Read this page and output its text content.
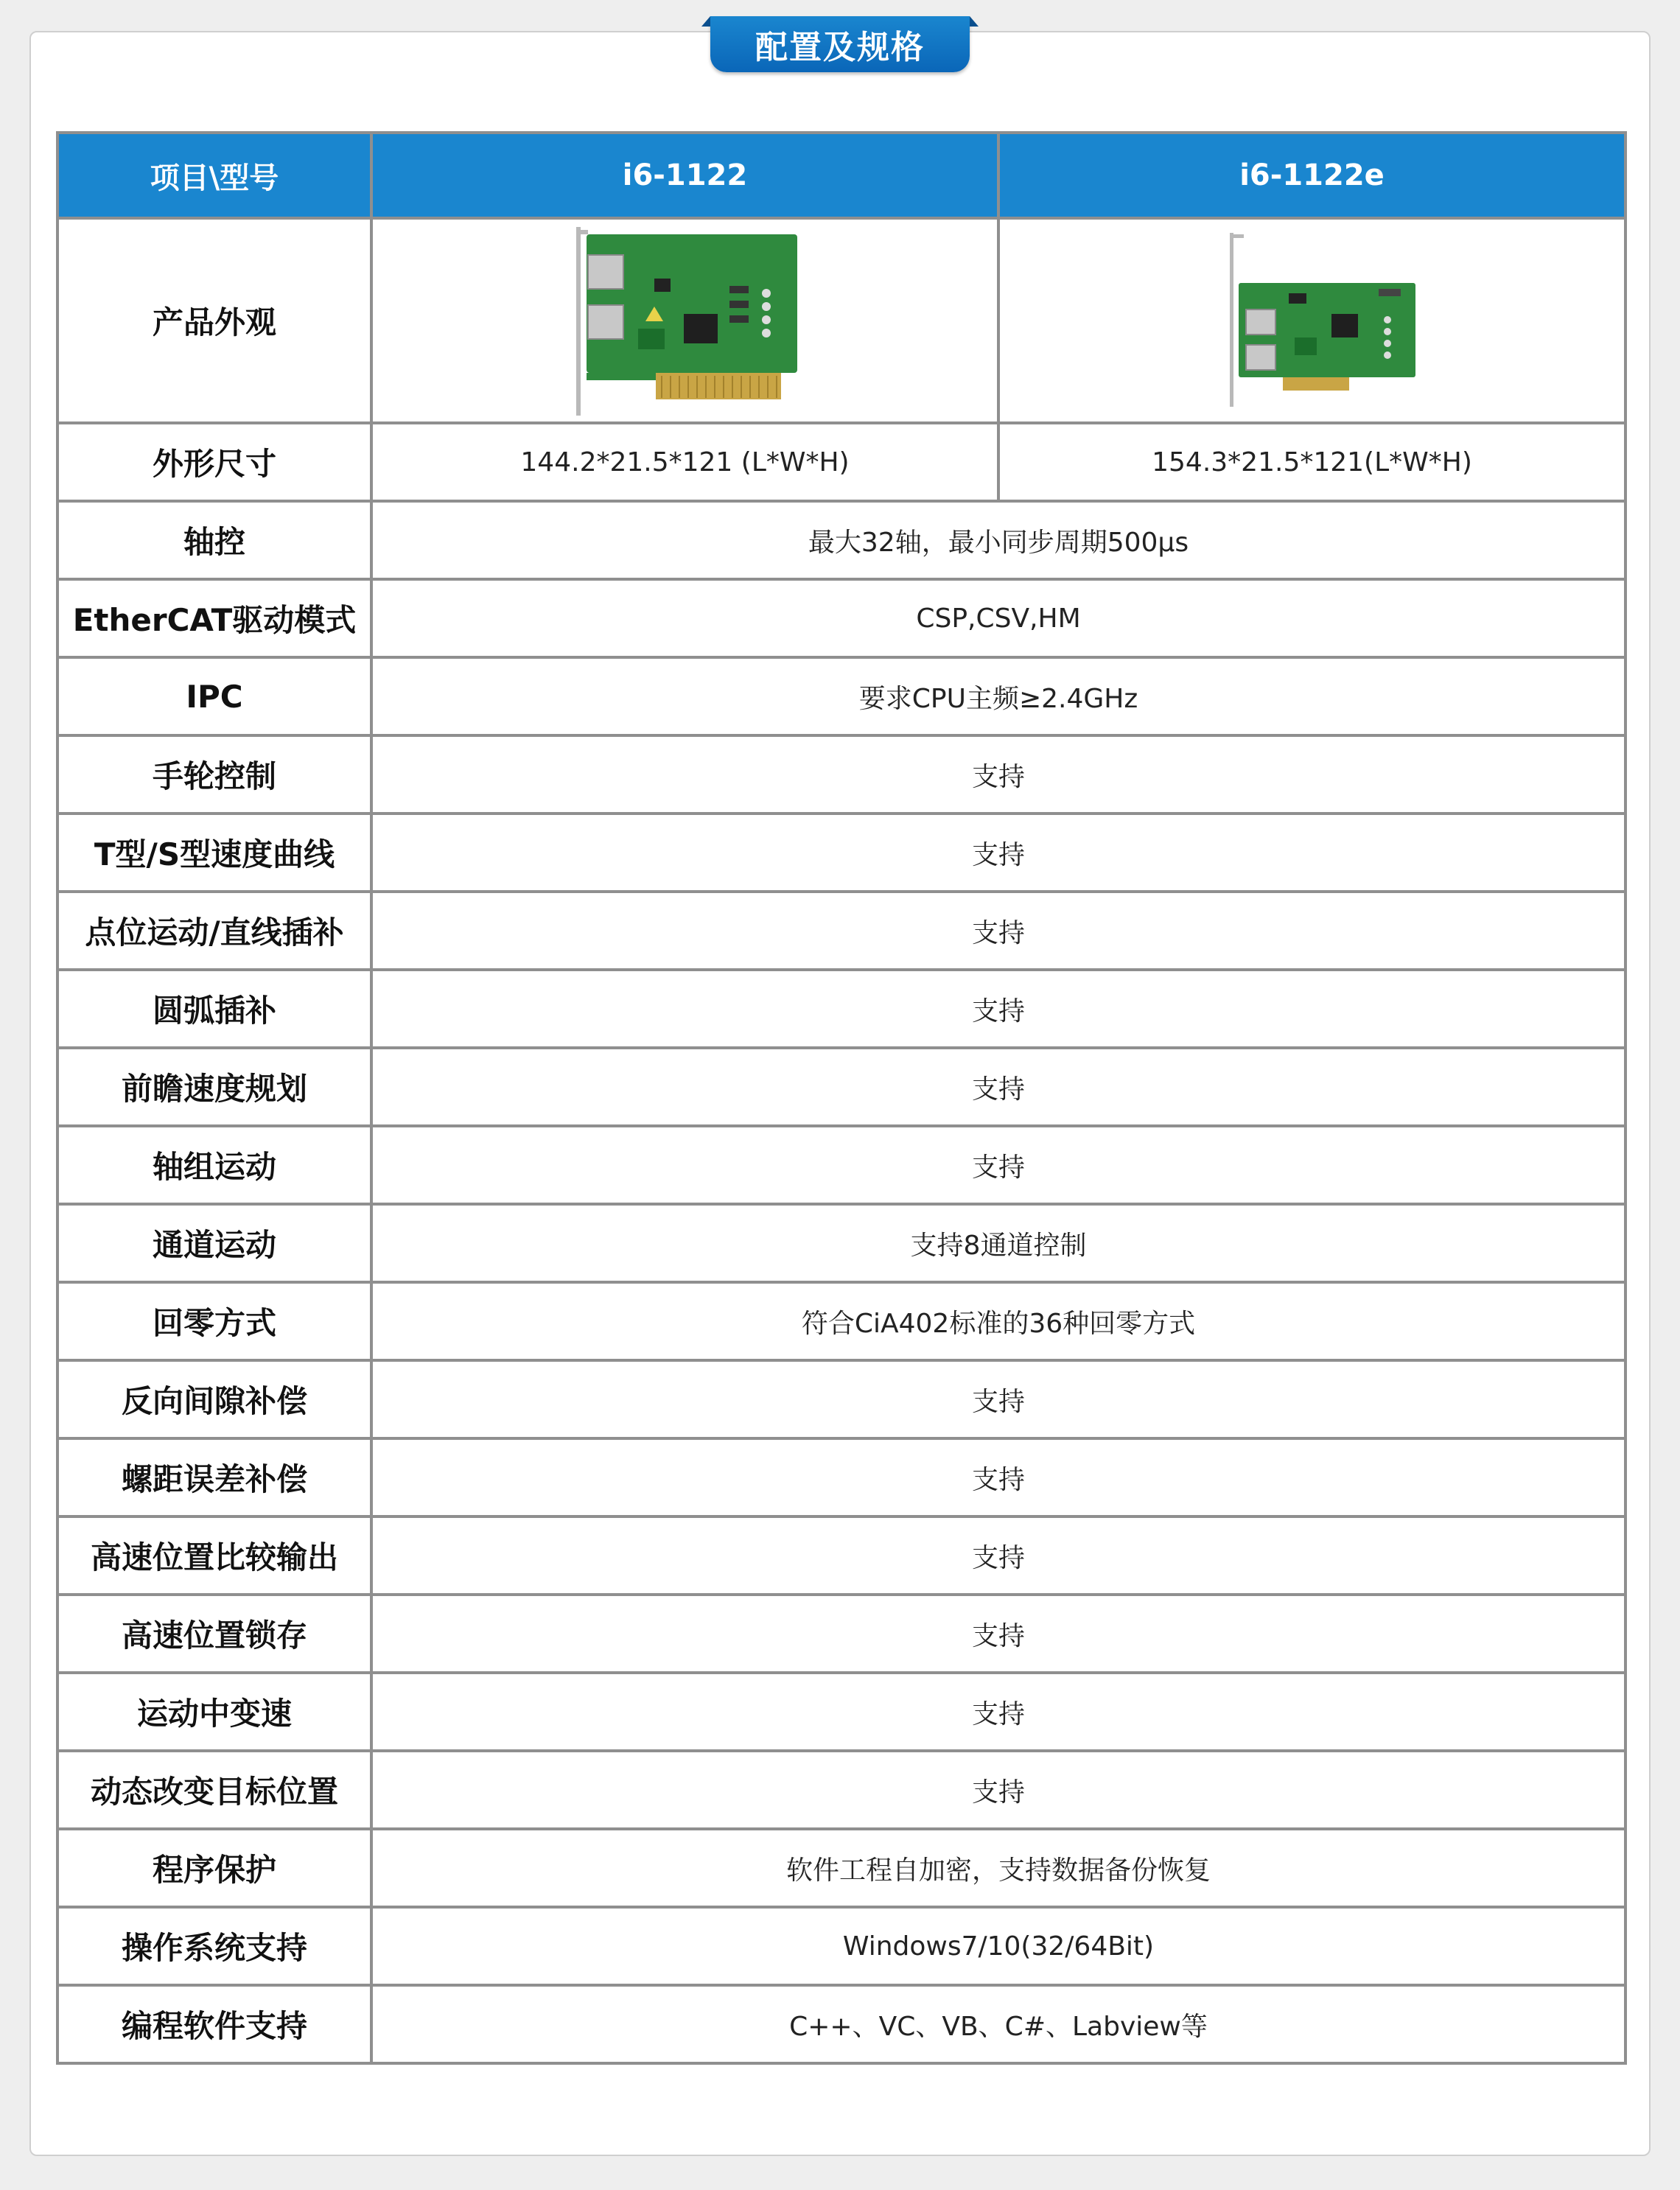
配置及规格
项目\型号	i6-1122	i6-1122e
产品外观		
外形尺寸	144.2*21.5*121 (L*W*H)	154.3*21.5*121(L*W*H)
轴控	最大32轴，最小同步周期500μs	
EtherCAT驱动模式	CSP,CSV,HM	
IPC	要求CPU主频≥2.4GHz	
手轮控制	支持	
T型/S型速度曲线	支持	
点位运动/直线插补	支持	
圆弧插补	支持	
前瞻速度规划	支持	
轴组运动	支持	
通道运动	支持8通道控制	
回零方式	符合CiA402标准的36种回零方式	
反向间隙补偿	支持	
螺距误差补偿	支持	
高速位置比较输出	支持	
高速位置锁存	支持	
运动中变速	支持	
动态改变目标位置	支持	
程序保护	软件工程自加密，支持数据备份恢复	
操作系统支持	Windows7/10(32/64Bit)	
编程软件支持	C++、VC、VB、C#、Labview等	
